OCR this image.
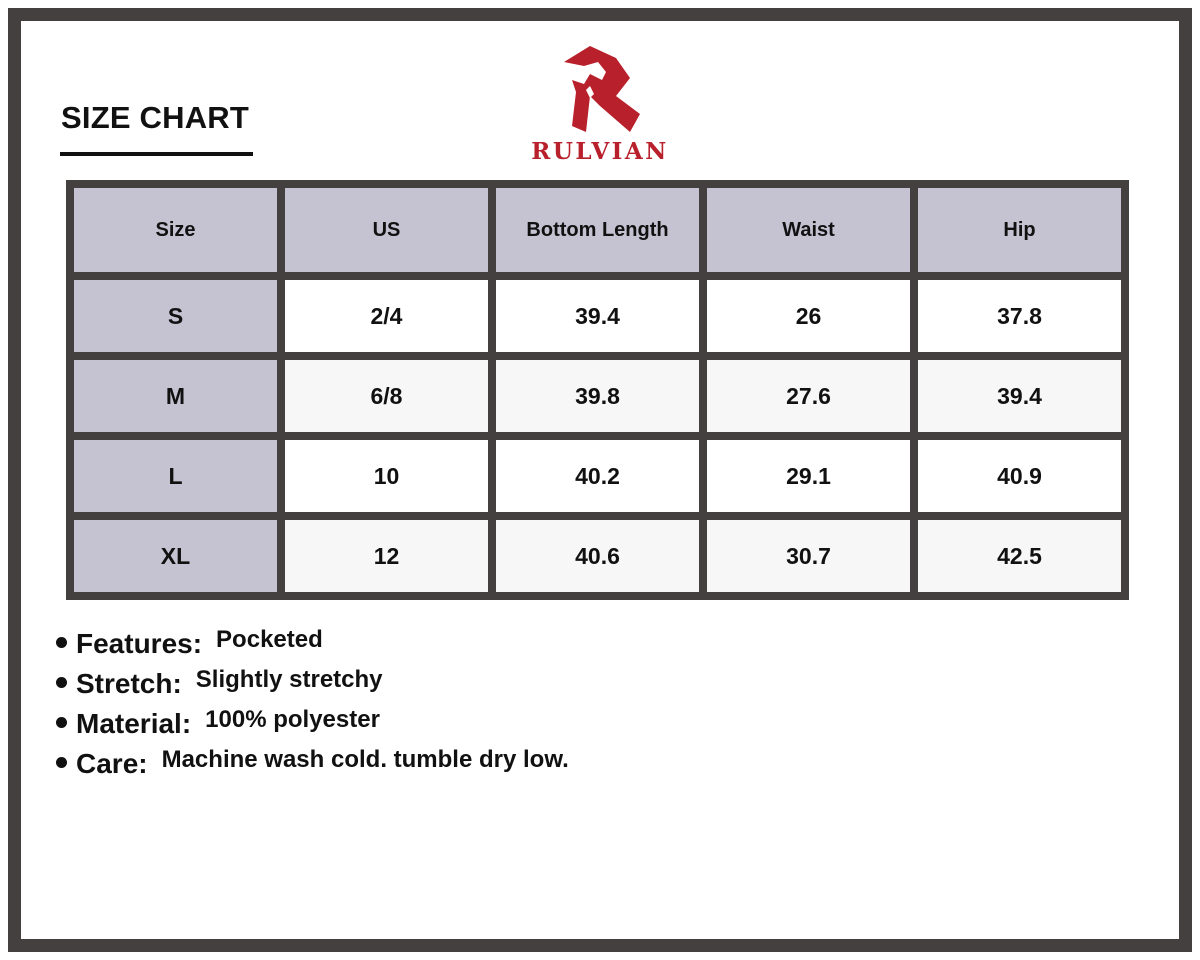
SIZE CHART
RULVIAN
Size	US	Bottom Length	Waist	Hip
S	2/4	39.4	26	37.8
M	6/8	39.8	27.6	39.4
L	10	40.2	29.1	40.9
XL	12	40.6	30.7	42.5
Features: Pocketed
Stretch: Slightly stretchy
Material: 100% polyester
Care: Machine wash cold. tumble dry low.
